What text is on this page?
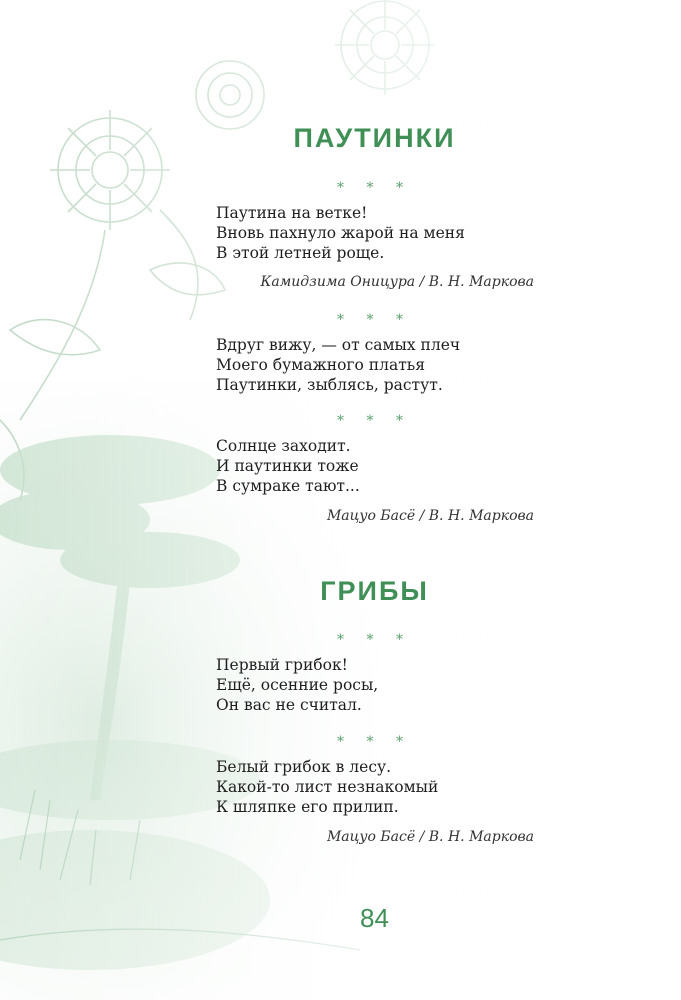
ПАУТИНКИ
* * *
Паутина на ветке!
Вновь пахнуло жарой на меня
В этой летней роще.
Камидзима Оницура / В. Н. Маркова
* * *
Вдруг вижу, — от самых плеч
Моего бумажного платья
Паутинки, зыблясь, растут.
* * *
Солнце заходит.
И паутинки тоже
В сумраке тают...
Мацуо Басё / В. Н. Маркова
ГРИБЫ
* * *
Первый грибок!
Ещё, осенние росы,
Он вас не считал.
* * *
Белый грибок в лесу.
Какой-то лист незнакомый
К шляпке его прилип.
Мацуо Басё / В. Н. Маркова
84
